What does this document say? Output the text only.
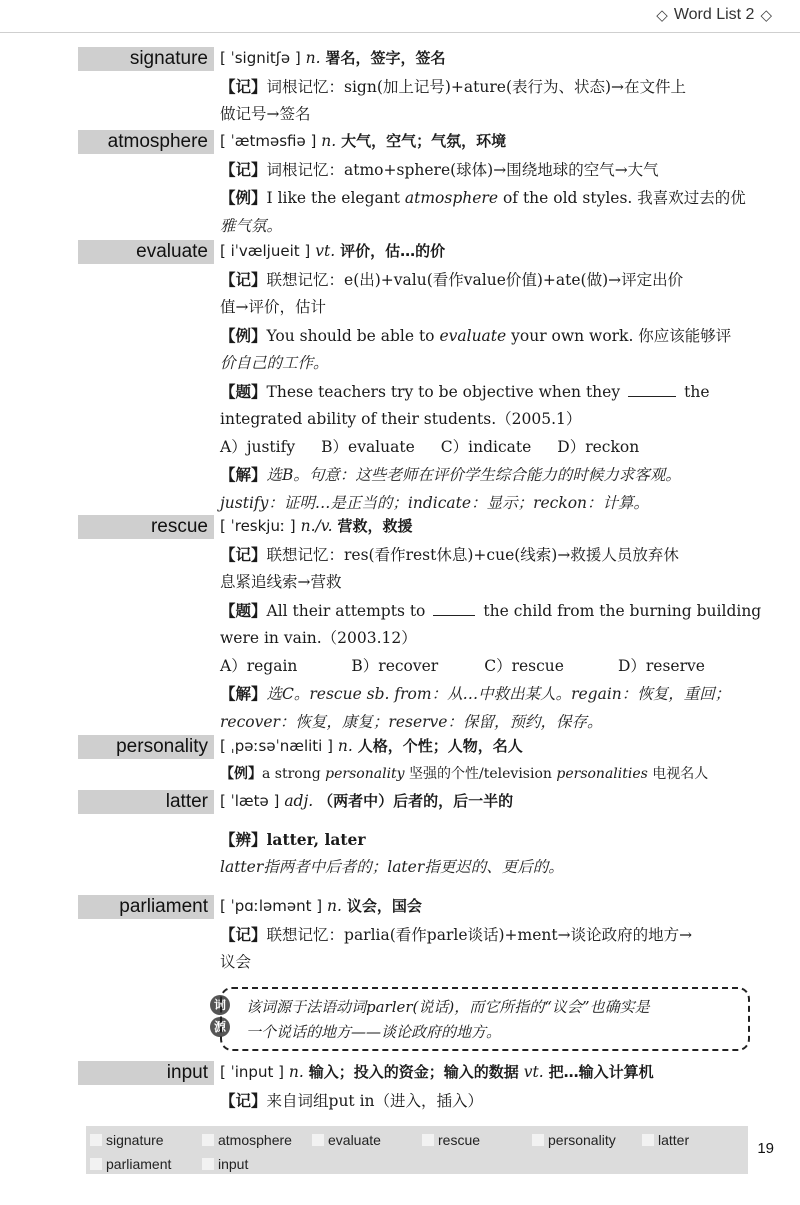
◇ Word List 2 ◇
signature [ ˈsignitʃə ] n. 署名，签字，签名
【记】词根记忆：sign(加上记号)+ature(表行为、状态)→在文件上
做记号→签名
atmosphere [ ˈætməsfiə ] n. 大气，空气；气氛，环境
【记】词根记忆：atmo+sphere(球体)→围绕地球的空气→大气
【例】I like the elegant atmosphere of the old styles. 我喜欢过去的优
雅气氛。
evaluate [ iˈvæljueit ] vt. 评价，估…的价
【记】联想记忆：e(出)+valu(看作value价值)+ate(做)→评定出价
值→评价，估计
【例】You should be able to evaluate your own work. 你应该能够评
价自己的工作。
【题】These teachers try to be objective when they	the
integrated ability of their students.（2005.1）
A）justify B）evaluate C）indicate D）reckon
【解】选B。句意：这些老师在评价学生综合能力的时候力求客观。
justify：证明…是正当的；indicate：显示；reckon：计算。
rescue [ ˈreskjuː ] n./v. 营救，救援
【记】联想记忆：res(看作rest休息)+cue(线索)→救援人员放弃休
息紧追线索→营救
【题】All their attempts to	the child from the burning building
were in vain.（2003.12）
A）regain	B）recover	C）rescue	D）reserve
【解】选C。rescue sb. from：从…中救出某人。regain：恢复，重回；
recover：恢复，康复；reserve：保留，预约，保存。
personality [ ˌpəːsəˈnæliti ] n. 人格，个性；人物，名人
【例】a strong personality 坚强的个性/television personalities 电视名人
latter [ ˈlætə ] adj. （两者中）后者的，后一半的
【辨】latter, later
latter指两者中后者的；later指更迟的、更后的。
parliament [ ˈpɑːləmənt ] n. 议会，国会
【记】联想记忆：parlia(看作parle谈话)+ment→谈论政府的地方→
议会
词
源
该词源于法语动词parler(说话)，而它所指的“议会”也确实是
一个说话的地方——谈论政府的地方。
input [ ˈinput ] n. 输入；投入的资金；输入的数据 vt. 把…输入计算机
【记】来自词组put in（进入，插入）
signature	atmosphere	evaluate	rescue	personality	latter
parliament	input
19
